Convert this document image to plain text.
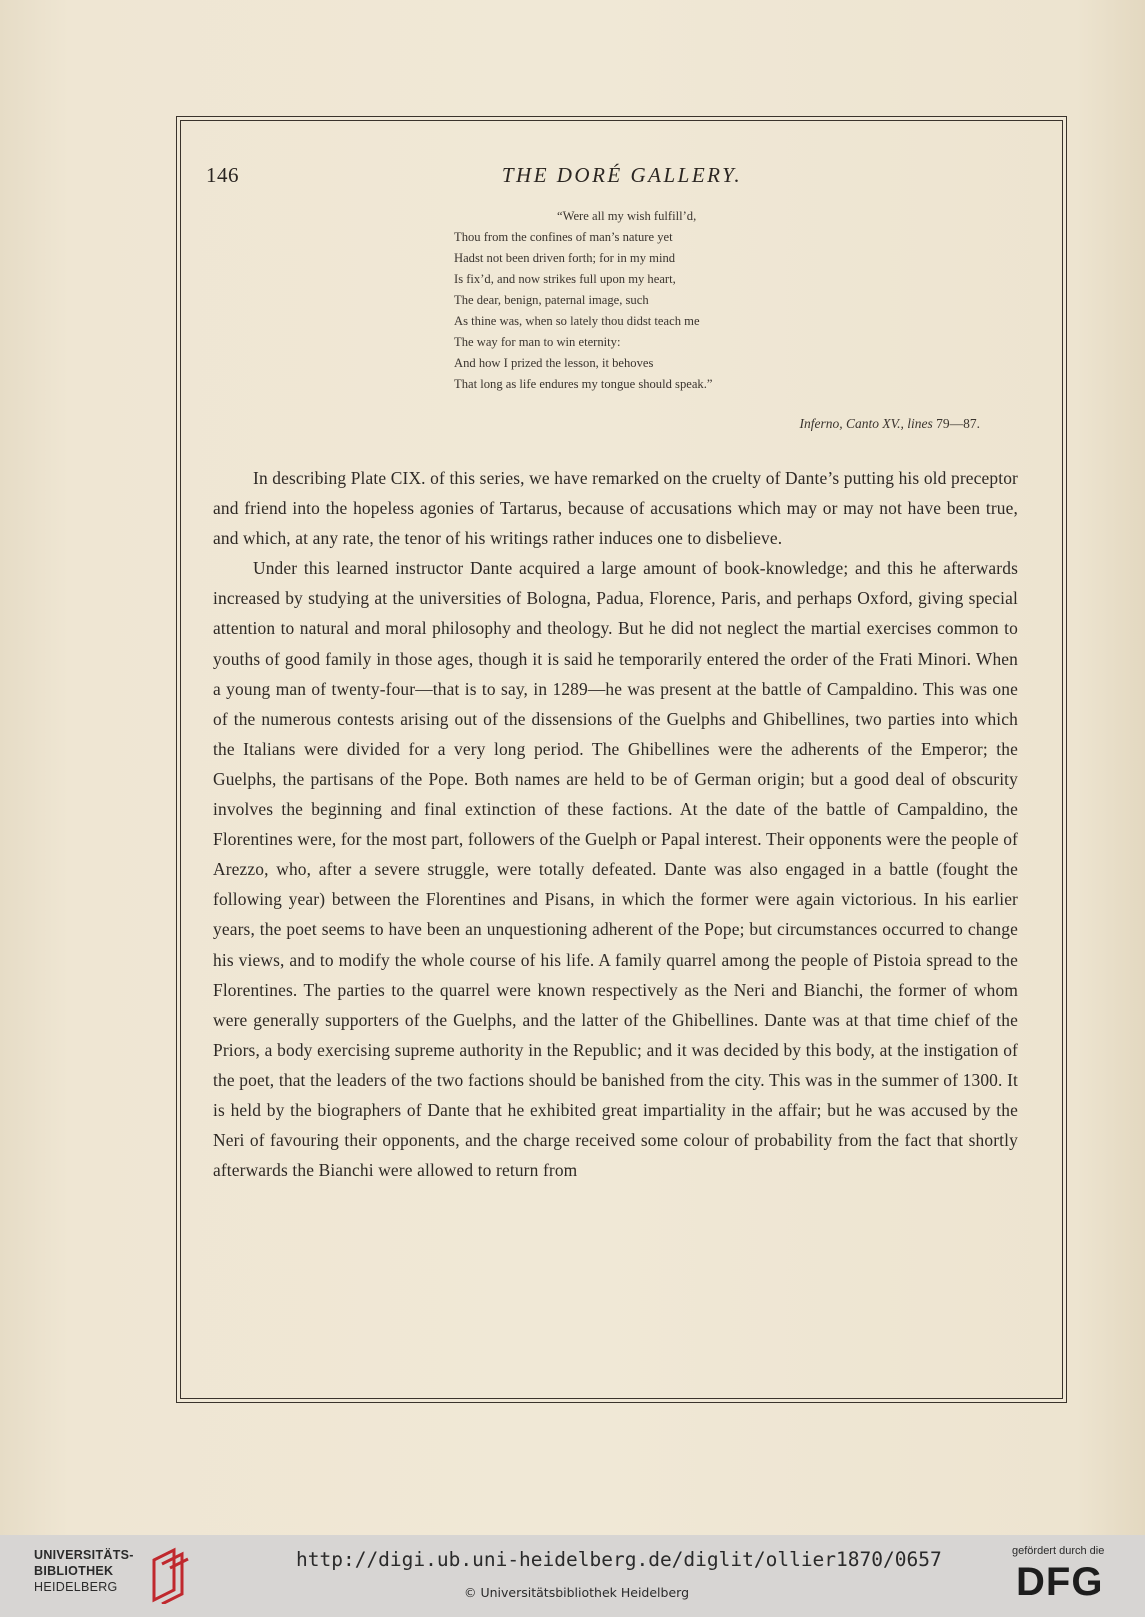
146	THE DORÉ GALLERY.
“Were all my wish fulfill’d,
Thou from the confines of man’s nature yet
Hadst not been driven forth; for in my mind
Is fix’d, and now strikes full upon my heart,
The dear, benign, paternal image, such
As thine was, when so lately thou didst teach me
The way for man to win eternity:
And how I prized the lesson, it behoves
That long as life endures my tongue should speak.”
Inferno, Canto XV., lines 79—87.

In describing Plate CIX. of this series, we have remarked on the cruelty of Dante’s putting his old preceptor and friend into the hopeless agonies of Tartarus, because of accusations which may or may not have been true, and which, at any rate, the tenor of his writings rather induces one to disbelieve.

Under this learned instructor Dante acquired a large amount of book-knowledge; and this he afterwards increased by studying at the universities of Bologna, Padua, Florence, Paris, and perhaps Oxford, giving special attention to natural and moral philosophy and theology. But he did not neglect the martial exercises common to youths of good family in those ages, though it is said he temporarily entered the order of the Frati Minori. When a young man of twenty-four—that is to say, in 1289—he was present at the battle of Campaldino. This was one of the numerous contests arising out of the dissensions of the Guelphs and Ghibellines, two parties into which the Italians were divided for a very long period. The Ghibellines were the adherents of the Emperor; the Guelphs, the partisans of the Pope. Both names are held to be of German origin; but a good deal of obscurity involves the beginning and final extinction of these factions. At the date of the battle of Campaldino, the Florentines were, for the most part, followers of the Guelph or Papal interest. Their opponents were the people of Arezzo, who, after a severe struggle, were totally defeated. Dante was also engaged in a battle (fought the following year) between the Florentines and Pisans, in which the former were again victorious. In his earlier years, the poet seems to have been an unquestioning adherent of the Pope; but circumstances occurred to change his views, and to modify the whole course of his life. A family quarrel among the people of Pistoia spread to the Florentines. The parties to the quarrel were known respectively as the Neri and Bianchi, the former of whom were generally supporters of the Guelphs, and the latter of the Ghibellines. Dante was at that time chief of the Priors, a body exercising supreme authority in the Republic; and it was decided by this body, at the instigation of the poet, that the leaders of the two factions should be banished from the city. This was in the summer of 1300. It is held by the biographers of Dante that he exhibited great impartiality in the affair; but he was accused by the Neri of favouring their opponents, and the charge received some colour of probability from the fact that shortly afterwards the Bianchi were allowed to return from

UNIVERSITÄTS-
BIBLIOTHEK
HEIDELBERG
http://digi.ub.uni-heidelberg.de/diglit/ollier1870/0657
© Universitätsbibliothek Heidelberg
gefördert durch die
DFG
